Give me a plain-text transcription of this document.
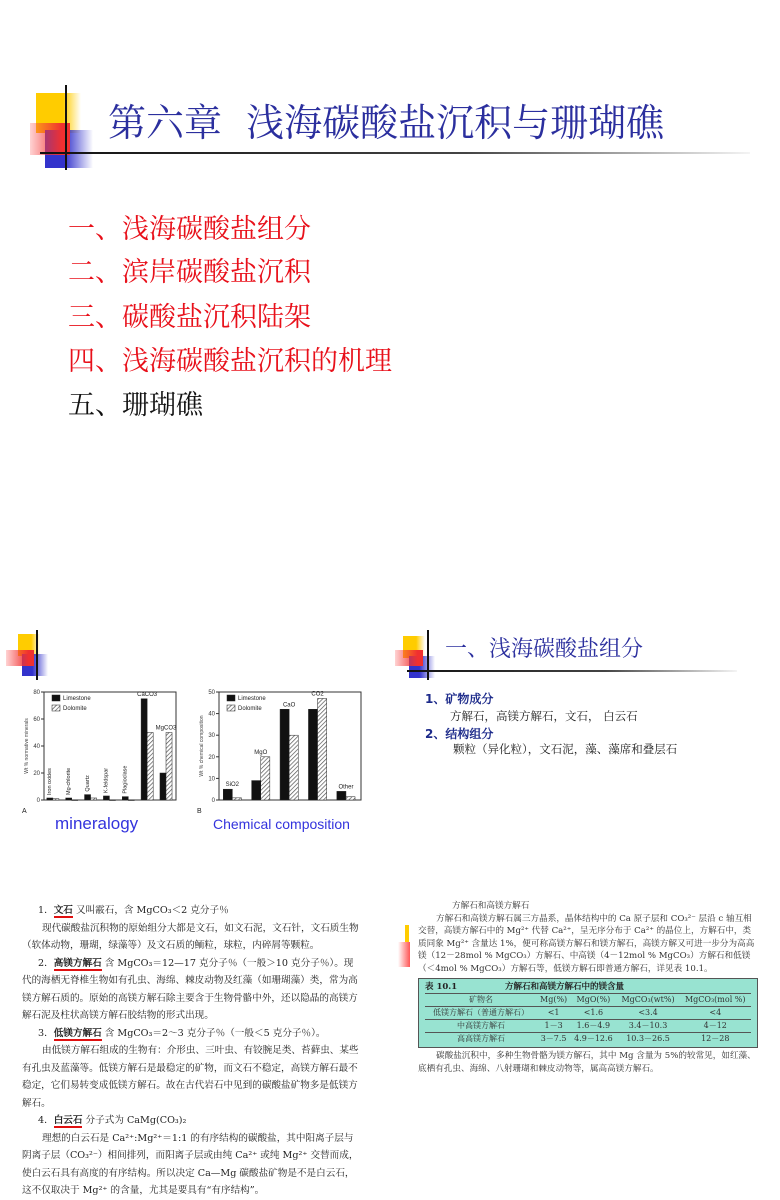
第六章  浅海碳酸盐沉积与珊瑚礁
一、浅海碳酸盐组分
二、滨岸碳酸盐沉积
三、碳酸盐沉积陆架
四、浅海碳酸盐沉积的机理
五、珊瑚礁
0
20
40
60
80
Wt % normative minerals
Iron oxides Mg-chlorite Quartz K-feldspar Plagioclase
CaCO3
MgCO3
Limestone
Dolomite
A
0
10
20
30
40
50
Wt % chemical composition
SiO2
MgO
CaO
CO2
Other
Limestone
Dolomite
B
mineralogy	Chemical composition
一、浅海碳酸盐组分
1、矿物成分
方解石，高镁方解石，文石， 白云石
2、结构组分
颗粒（异化粒），文石泥，藻、藻席和叠层石
1．文石 又叫霰石，含 MgCO₃＜2 克分子％
现代碳酸盐沉积物的原始组分大都是文石，如文石泥，文石针，文石质生物（软体动物，珊瑚，绿藻等）及文石质的鲕粒，球粒，内碎屑等颗粒。
2．高镁方解石 含 MgCO₃＝12—17 克分子％（一般＞10 克分子％）。现代的海栖无脊椎生物如有孔虫、海绵、棘皮动物及红藻（如珊瑚藻）类，常为高镁方解石质的。原始的高镁方解石除主要含于生物骨骼中外，还以隐晶的高镁方解石泥及柱状高镁方解石胶结物的形式出现。
3．低镁方解石 含 MgCO₃＝2～3 克分子％（一般＜5 克分子％）。
由低镁方解石组成的生物有：介形虫、三叶虫、有铰腕足类、苔藓虫、某些有孔虫及蓝藻等。低镁方解石是最稳定的矿物，而文石不稳定，高镁方解石最不稳定，它们易转变成低镁方解石。故在古代岩石中见到的碳酸盐矿物多是低镁方解石。
4．白云石 分子式为 CaMg(CO₃)₂
理想的白云石是 Ca²⁺:Mg²⁺＝1:1 的有序结构的碳酸盐，其中阳离子层与阴离子层（CO₃²⁻）相间排列，而阳离子层或由纯 Ca²⁺ 或纯 Mg²⁺ 交替而成，使白云石具有高度的有序结构。所以决定 Ca—Mg 碳酸盐矿物是不是白云石，这不仅取决于 Mg²⁺ 的含量，尤其是要具有“有序结构”。
方解石和高镁方解石
方解石和高镁方解石属三方晶系，晶体结构中的 Ca 原子层和 CO₃²⁻ 层沿 c 轴互相交替，高镁方解石中的 Mg²⁺ 代替 Ca²⁺，呈无序分布于 Ca²⁺ 的晶位上，方解石中，类质同象 Mg²⁺ 含量达 1%，便可称高镁方解石和镁方解石，高镁方解又可进一步分为高高镁（12－28mol % MgCO₃）方解石、中高镁（4－12mol % MgCO₃）方解石和低镁（＜4mol % MgCO₃）方解石等，低镁方解石即普通方解石，详见表 10.1。
表 10.1	方解石和高镁方解石中的镁含量
矿物名	Mg(%)	MgO(%)	MgCO₃(wt%)	MgCO₃(mol %)
低镁方解石（普通方解石）	<1	<1.6	<3.4	<4
中高镁方解石	1－3	1.6－4.9	3.4－10.3	4－12
高高镁方解石	3－7.5	4.9－12.6	10.3－26.5	12－28
碳酸盐沉积中，多种生物骨骼为镁方解石，其中 Mg 含量为 5%的较常见，如红藻、底栖有孔虫、海绵、八射珊瑚和棘皮动物等，属高高镁方解石。
